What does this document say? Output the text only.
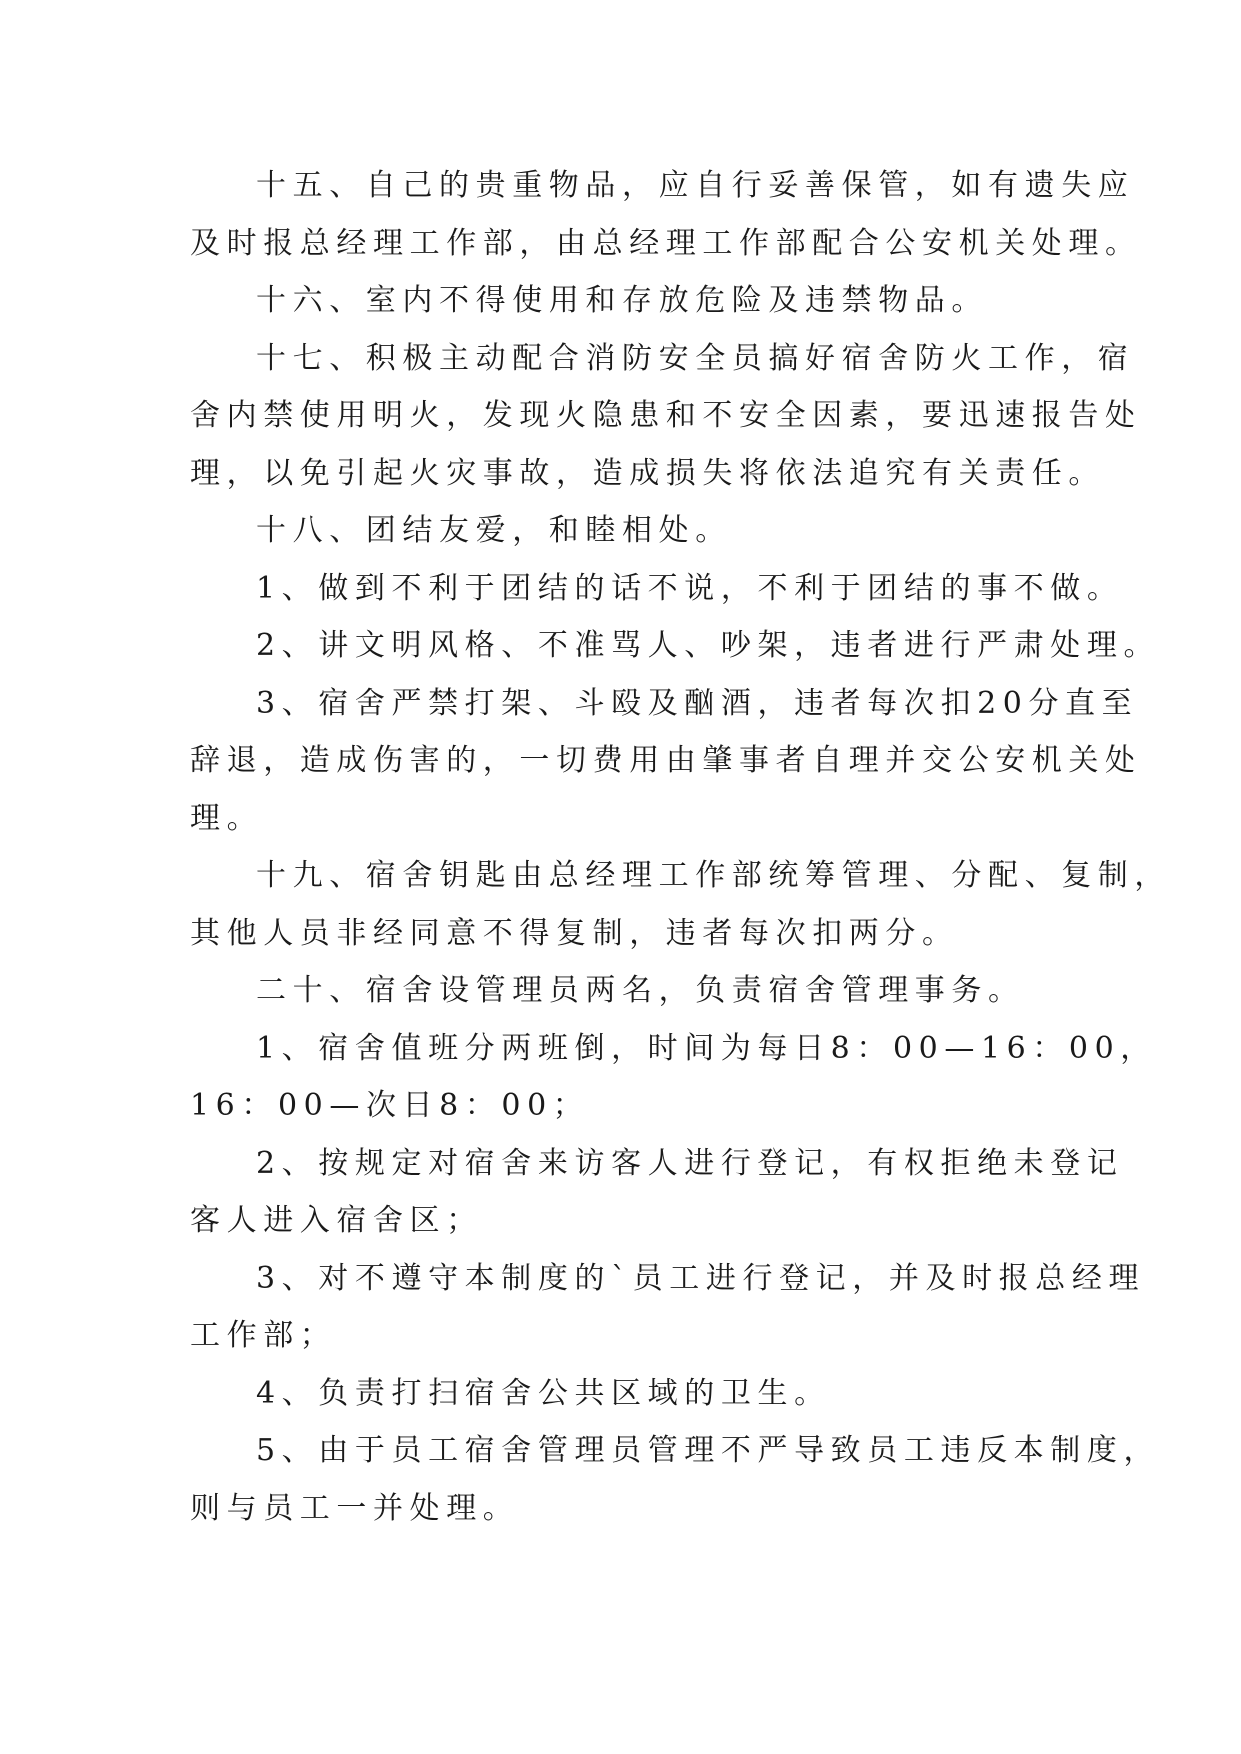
十五、自己的贵重物品，应自行妥善保管，如有遗失应
及时报总经理工作部，由总经理工作部配合公安机关处理。
十六、室内不得使用和存放危险及违禁物品。
十七、积极主动配合消防安全员搞好宿舍防火工作，宿
舍内禁使用明火，发现火隐患和不安全因素，要迅速报告处
理，以免引起火灾事故，造成损失将依法追究有关责任。
十八、团结友爱，和睦相处。
1、做到不利于团结的话不说，不利于团结的事不做。
2、讲文明风格、不准骂人、吵架，违者进行严肃处理。
3、宿舍严禁打架、斗殴及酗酒，违者每次扣20分直至
辞退，造成伤害的，一切费用由肇事者自理并交公安机关处
理。
十九、宿舍钥匙由总经理工作部统筹管理、分配、复制，
其他人员非经同意不得复制，违者每次扣两分。
二十、宿舍设管理员两名，负责宿舍管理事务。
1、宿舍值班分两班倒，时间为每日8：00—16：00，
16：00—次日8：00；
2、按规定对宿舍来访客人进行登记，有权拒绝未登记
客人进入宿舍区；
3、对不遵守本制度的`员工进行登记，并及时报总经理
工作部；
4、负责打扫宿舍公共区域的卫生。
5、由于员工宿舍管理员管理不严导致员工违反本制度，
则与员工一并处理。
